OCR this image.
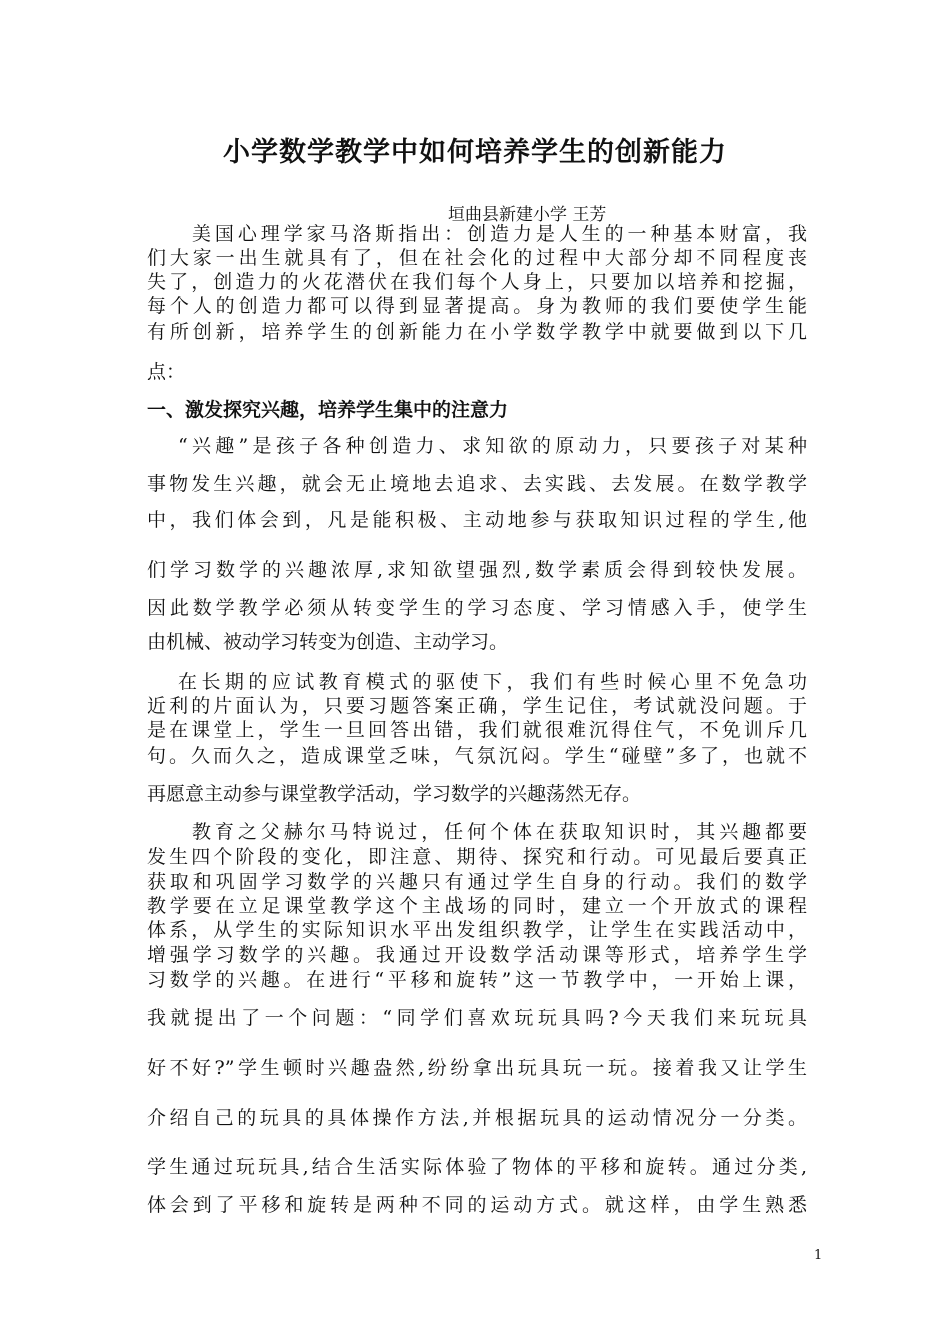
小学数学教学中如何培养学生的创新能力
垣曲县新建小学 王芳
美国心理学家马洛斯指出：创造力是人生的一种基本财富，我
们大家一出生就具有了，但在社会化的过程中大部分却不同程度丧
失了，创造力的火花潜伏在我们每个人身上，只要加以培养和挖掘，
每个人的创造力都可以得到显著提高。身为教师的我们要使学生能
有所创新，培养学生的创新能力在小学数学教学中就要做到以下几
点：
一、激发探究兴趣，培养学生集中的注意力
“兴趣”是孩子各种创造力、求知欲的原动力，只要孩子对某种
事物发生兴趣，就会无止境地去追求、去实践、去发展。在数学教学
中，我们体会到，凡是能积极、主动地参与获取知识过程的学生,他
们学习数学的兴趣浓厚,求知欲望强烈,数学素质会得到较快发展。
因此数学教学必须从转变学生的学习态度、学习情感入手，使学生
由机械、被动学习转变为创造、主动学习。
在长期的应试教育模式的驱使下，我们有些时候心里不免急功
近利的片面认为，只要习题答案正确，学生记住，考试就没问题。于
是在课堂上，学生一旦回答出错，我们就很难沉得住气，不免训斥几
句。久而久之，造成课堂乏味，气氛沉闷。学生“碰壁”多了，也就不
再愿意主动参与课堂教学活动，学习数学的兴趣荡然无存。
教育之父赫尔马特说过，任何个体在获取知识时，其兴趣都要
发生四个阶段的变化，即注意、期待、探究和行动。可见最后要真正
获取和巩固学习数学的兴趣只有通过学生自身的行动。我们的数学
教学要在立足课堂教学这个主战场的同时，建立一个开放式的课程
体系，从学生的实际知识水平出发组织教学，让学生在实践活动中，
增强学习数学的兴趣。我通过开设数学活动课等形式，培养学生学
习数学的兴趣。在进行“平移和旋转”这一节教学中，一开始上课，
我就提出了一个问题：“同学们喜欢玩玩具吗?今天我们来玩玩具
好不好?”学生顿时兴趣盎然,纷纷拿出玩具玩一玩。接着我又让学生
介绍自己的玩具的具体操作方法,并根据玩具的运动情况分一分类。
学生通过玩玩具,结合生活实际体验了物体的平移和旋转。通过分类,
体会到了平移和旋转是两种不同的运动方式。就这样，由学生熟悉
1
